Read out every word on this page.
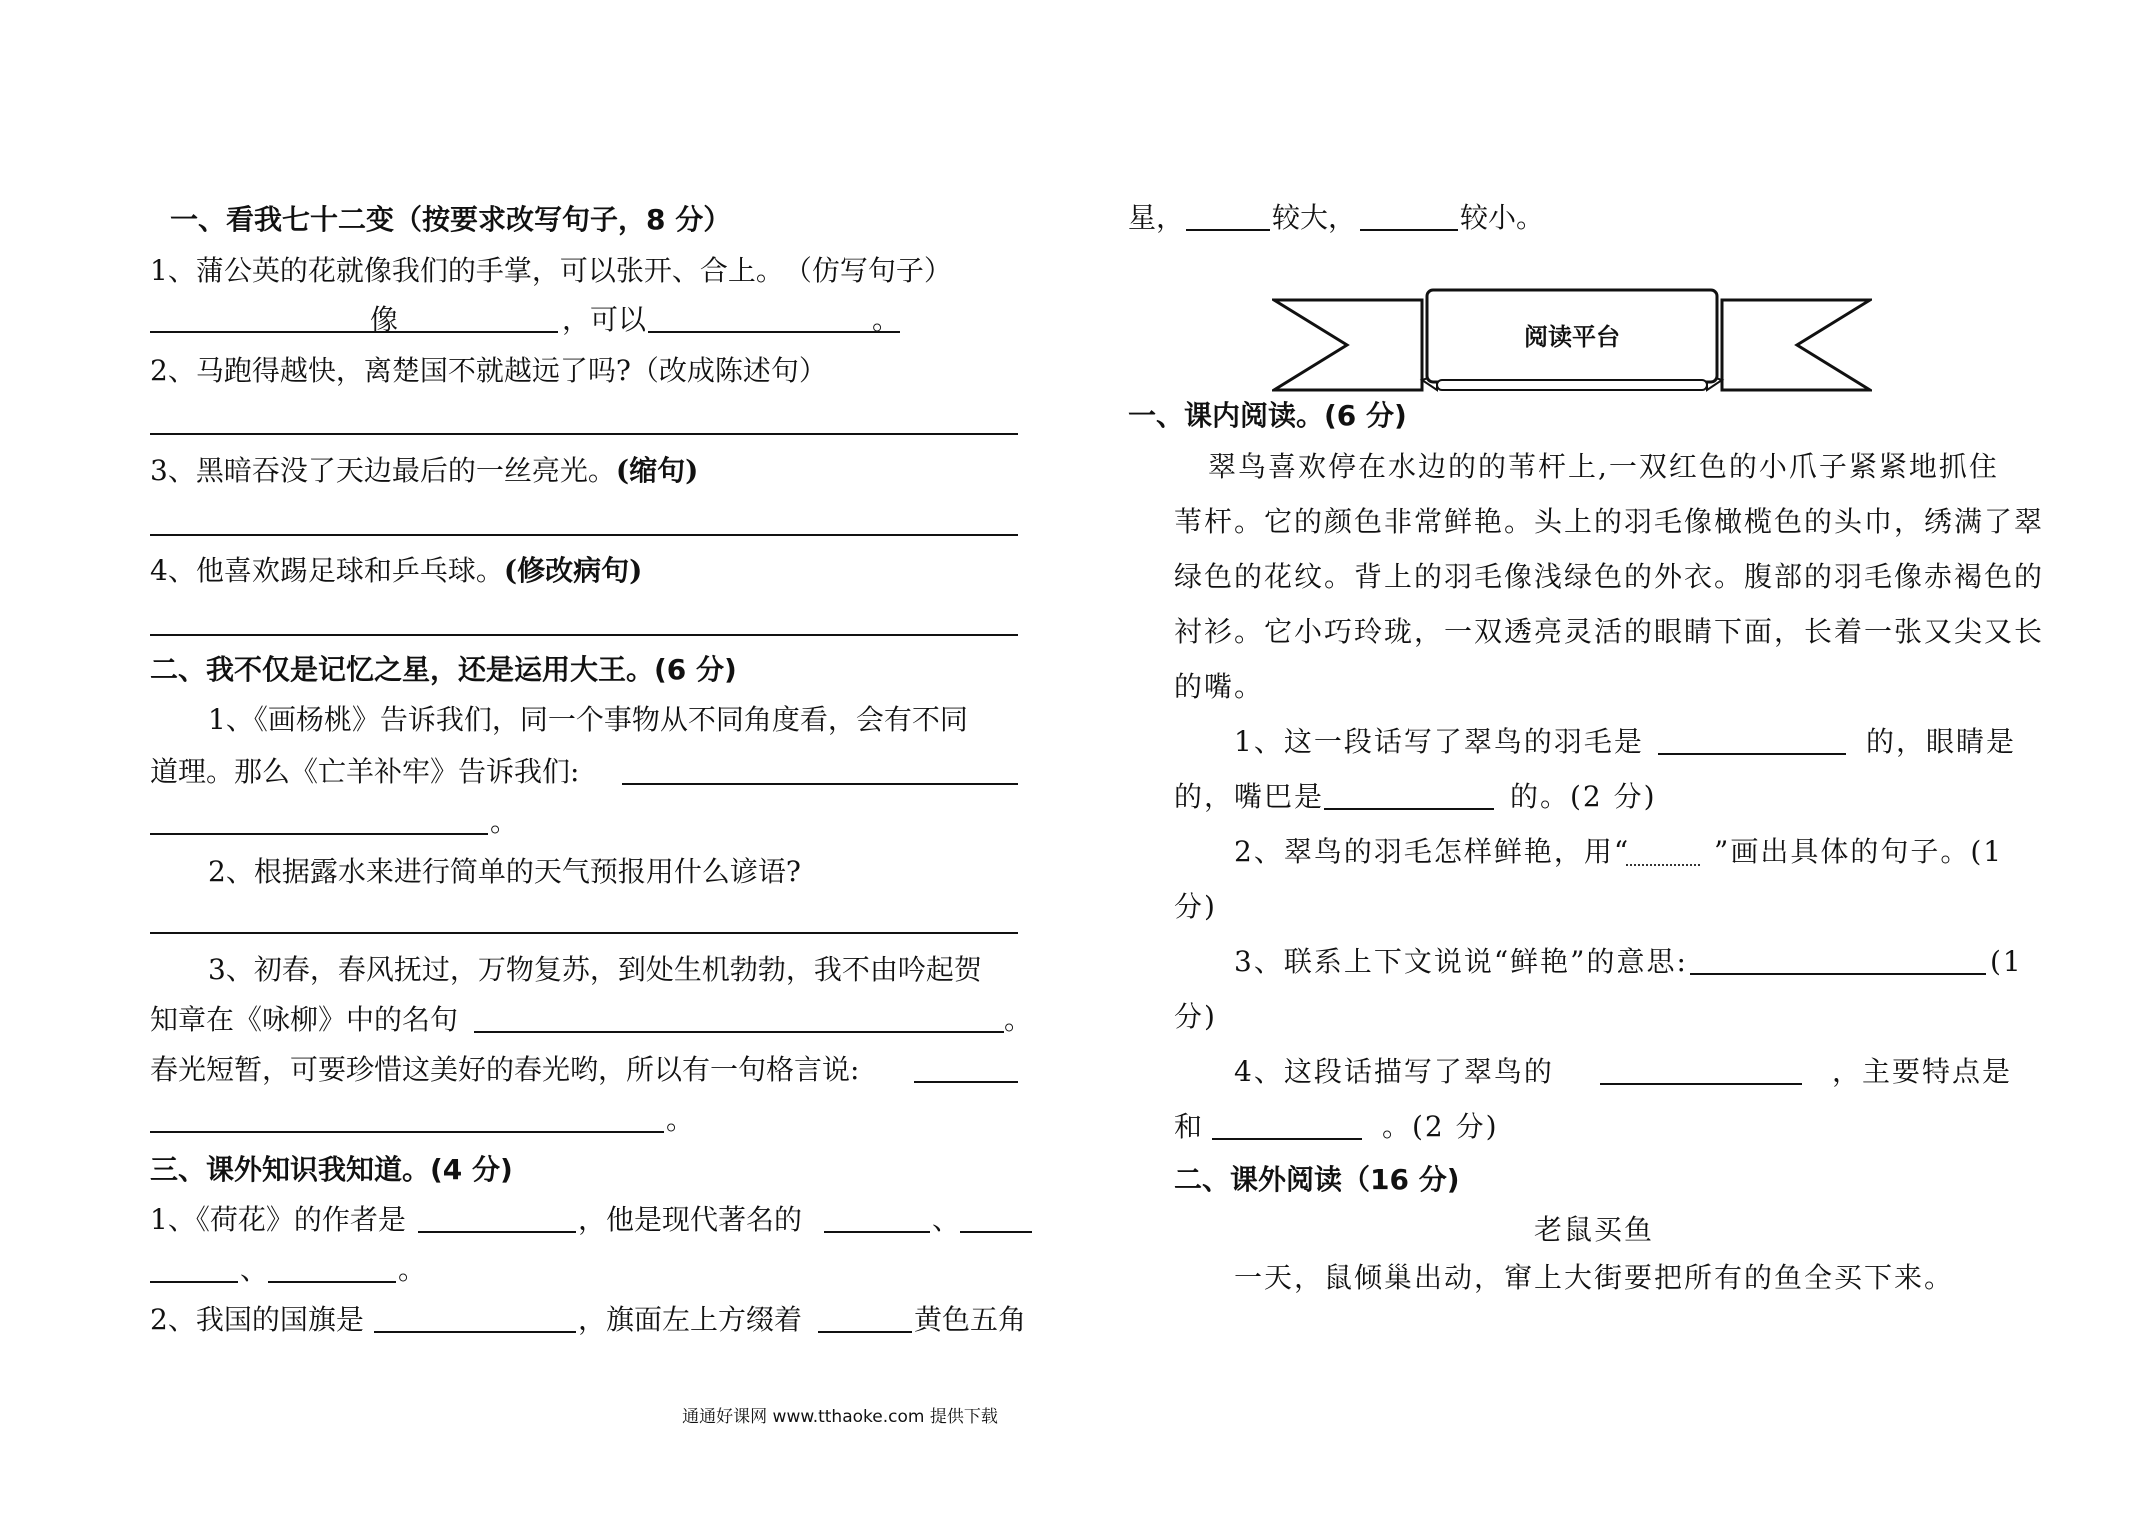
一、看我七十二变（按要求改写句子，8 分）
1、蒲公英的花就像我们的手掌，可以张开、合上。　（仿写句子）
像	，可以	。
2、马跑得越快，离楚国不就越远了吗?（改成陈述句）
3、黑暗吞没了天边最后的一丝亮光。(缩句)
4、他喜欢踢足球和乒乓球。(修改病句)
二、我不仅是记忆之星，还是运用大王。(6 分)
1、《画杨桃》告诉我们，同一个事物从不同角度看，会有不同
道理。那么《亡羊补牢》告诉我们:
。
2、根据露水来进行简单的天气预报用什么谚语?
3、初春，春风抚过，万物复苏，到处生机勃勃，我不由吟起贺
知章在《咏柳》中的名句	。
春光短暂，可要珍惜这美好的春光哟，所以有一句格言说:
。
三、课外知识我知道。(4 分)
1、《荷花》的作者是	，他是现代著名的	、
、	。
2、我国的国旗是	，旗面左上方缀着	黄色五角
星，	较大，	较小。
阅读平台
一、课内阅读。(6 分)
翠鸟喜欢停在水边的的苇杆上,一双红色的小爪子紧紧地抓住
苇杆。它的颜色非常鲜艳。头上的羽毛像橄榄色的头巾，绣满了翠
绿色的花纹。背上的羽毛像浅绿色的外衣。腹部的羽毛像赤褐色的
衬衫。它小巧玲珑，一双透亮灵活的眼睛下面，长着一张又尖又长
的嘴。
1、这一段话写了翠鸟的羽毛是	的，眼睛是
的，嘴巴是	的。(2 分)
2、翠鸟的羽毛怎样鲜艳，用“	”画出具体的句子。(1
分)
3、联系上下文说说“鲜艳”的意思:	(1
分)
4、这段话描写了翠鸟的	，主要特点是
和	。(2 分)
二、课外阅读（16 分)
老鼠买鱼
一天，鼠倾巢出动，窜上大街要把所有的鱼全买下来。
通通好课网 www.tthaoke.com 提供下载
